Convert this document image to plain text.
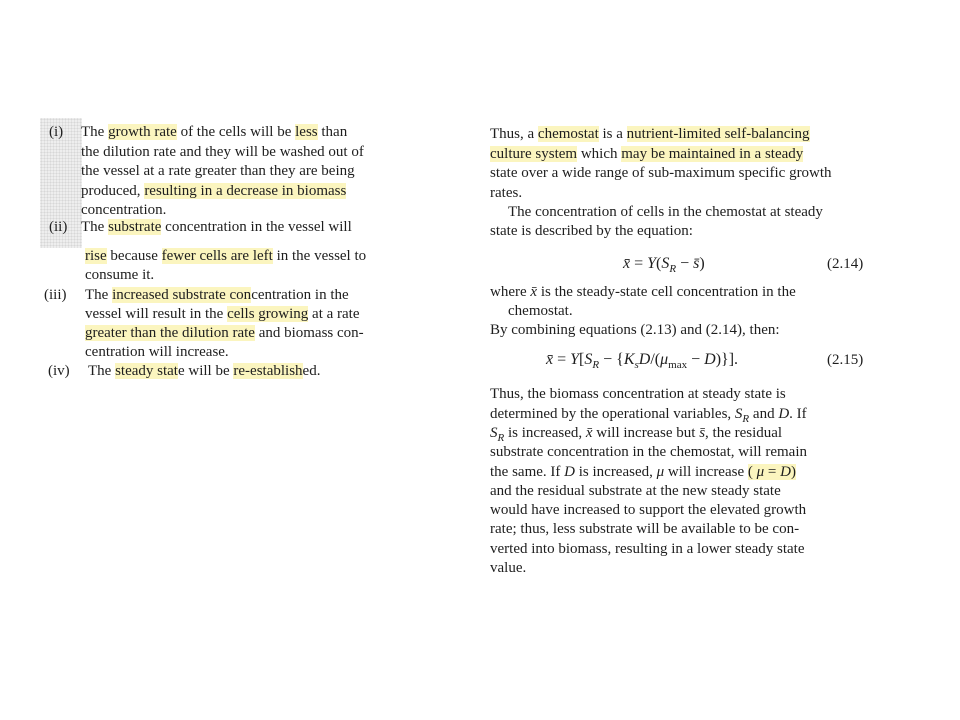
(i) The growth rate of the cells will be less than
the dilution rate and they will be washed out of
the vessel at a rate greater than they are being
produced, resulting in a decrease in biomass
concentration.
(ii) The substrate concentration in the vessel will
rise because fewer cells are left in the vessel to
consume it.
(iii) The increased substrate concentration in the
vessel will result in the cells growing at a rate
greater than the dilution rate and biomass con-
centration will increase.
(iv) The steady state will be re-established.
Thus, a chemostat is a nutrient-limited self-balancing
culture system which may be maintained in a steady
state over a wide range of sub-maximum specific growth
rates.
The concentration of cells in the chemostat at steady
state is described by the equation:
where x̄ is the steady-state cell concentration in the
chemostat.
By combining equations (2.13) and (2.14), then:
Thus, the biomass concentration at steady state is
determined by the operational variables, $S_R$ and D. If
$S_R$ is increased, x̄ will increase but s̄, the residual
substrate concentration in the chemostat, will remain
the same. If D is increased, μ will increase ( μ = D)
and the residual substrate at the new steady state
would have increased to support the elevated growth
rate; thus, less substrate will be available to be con-
verted into biomass, resulting in a lower steady state
value.
x̄ = $Y(S_R$ − s̄)	(2.14)
x̄ = $Y[S_R - \{K_sD/(\mu_{max} - D)\}]$.	(2.15)
